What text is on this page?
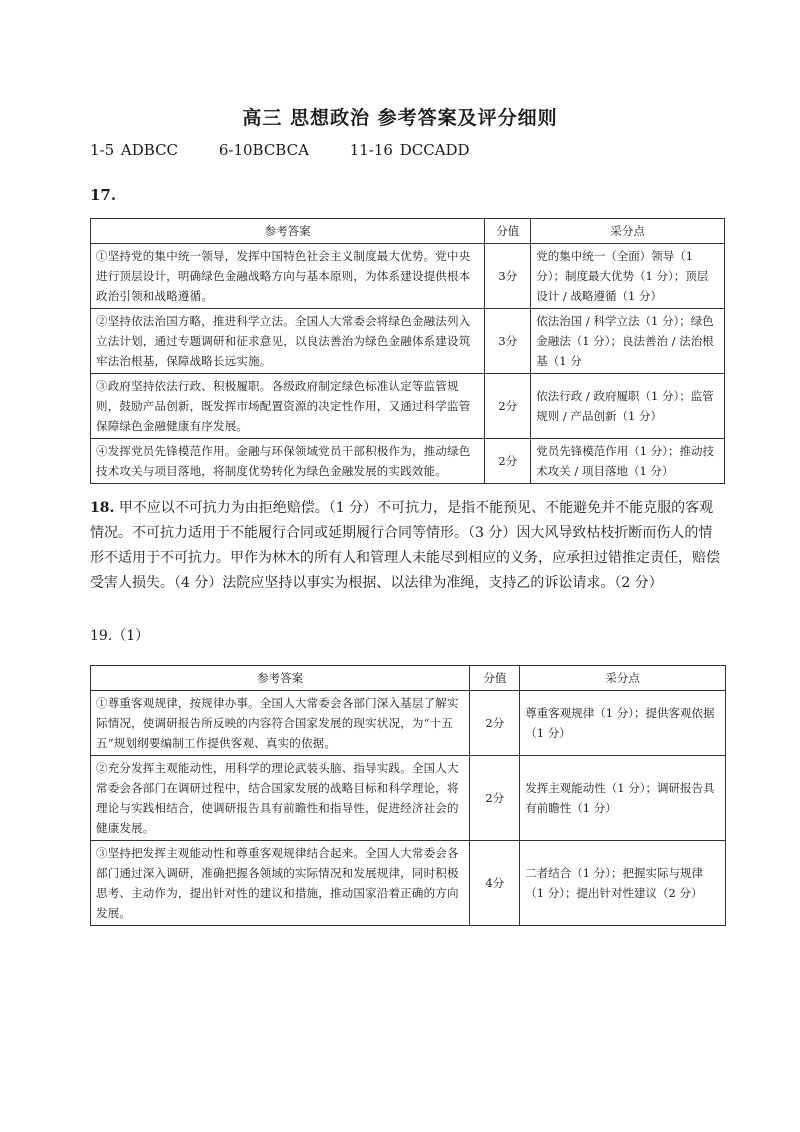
高三 思想政治 参考答案及评分细则
1-5 ADBCC	6-10BCBCA	11-16 DCCADD
17.
参考答案	分值	采分点
①坚持党的集中统一领导，发挥中国特色社会主义制度最大优势。党中央进行顶层设计，明确绿色金融战略方向与基本原则，为体系建设提供根本政治引领和战略遵循。	3分	党的集中统一（全面）领导（1 分）；制度最大优势（1 分）；顶层设计 / 战略遵循（1 分）
②坚持依法治国方略，推进科学立法。全国人大常委会将绿色金融法列入立法计划，通过专题调研和征求意见，以良法善治为绿色金融体系建设筑牢法治根基，保障战略长远实施。	3分	依法治国 / 科学立法（1 分）；绿色金融法（1 分）；良法善治 / 法治根基（1 分
③政府坚持依法行政、积极履职。各级政府制定绿色标准认定等监管规则，鼓励产品创新，既发挥市场配置资源的决定性作用，又通过科学监管保障绿色金融健康有序发展。	2分	依法行政 / 政府履职（1 分）；监管规则 / 产品创新（1 分）
④发挥党员先锋模范作用。金融与环保领域党员干部积极作为，推动绿色技术攻关与项目落地，将制度优势转化为绿色金融发展的实践效能。	2分	党员先锋模范作用（1 分）；推动技术攻关 / 项目落地（1 分）
18. 甲不应以不可抗力为由拒绝赔偿。（1 分）不可抗力，是指不能预见、不能避免并不能克服的客观情况。不可抗力适用于不能履行合同或延期履行合同等情形。（3 分）因大风导致枯枝折断而伤人的情形不适用于不可抗力。甲作为林木的所有人和管理人未能尽到相应的义务，应承担过错推定责任，赔偿受害人损失。（4 分）法院应坚持以事实为根据、以法律为准绳，支持乙的诉讼请求。（2 分）
19.（1）
参考答案	分值	采分点
①尊重客观规律，按规律办事。全国人大常委会各部门深入基层了解实际情况，使调研报告所反映的内容符合国家发展的现实状况，为“十五五”规划纲要编制工作提供客观、真实的依据。	2分	尊重客观规律（1 分）；提供客观依据（1 分）
②充分发挥主观能动性，用科学的理论武装头脑、指导实践。全国人大常委会各部门在调研过程中，结合国家发展的战略目标和科学理论，将理论与实践相结合，使调研报告具有前瞻性和指导性，促进经济社会的健康发展。	2分	发挥主观能动性（1 分）；调研报告具有前瞻性（1 分）
③坚持把发挥主观能动性和尊重客观规律结合起来。全国人大常委会各部门通过深入调研，准确把握各领域的实际情况和发展规律，同时积极思考、主动作为，提出针对性的建议和措施，推动国家沿着正确的方向发展。	4分	二者结合（1 分）；把握实际与规律（1 分）；提出针对性建议（2 分）
